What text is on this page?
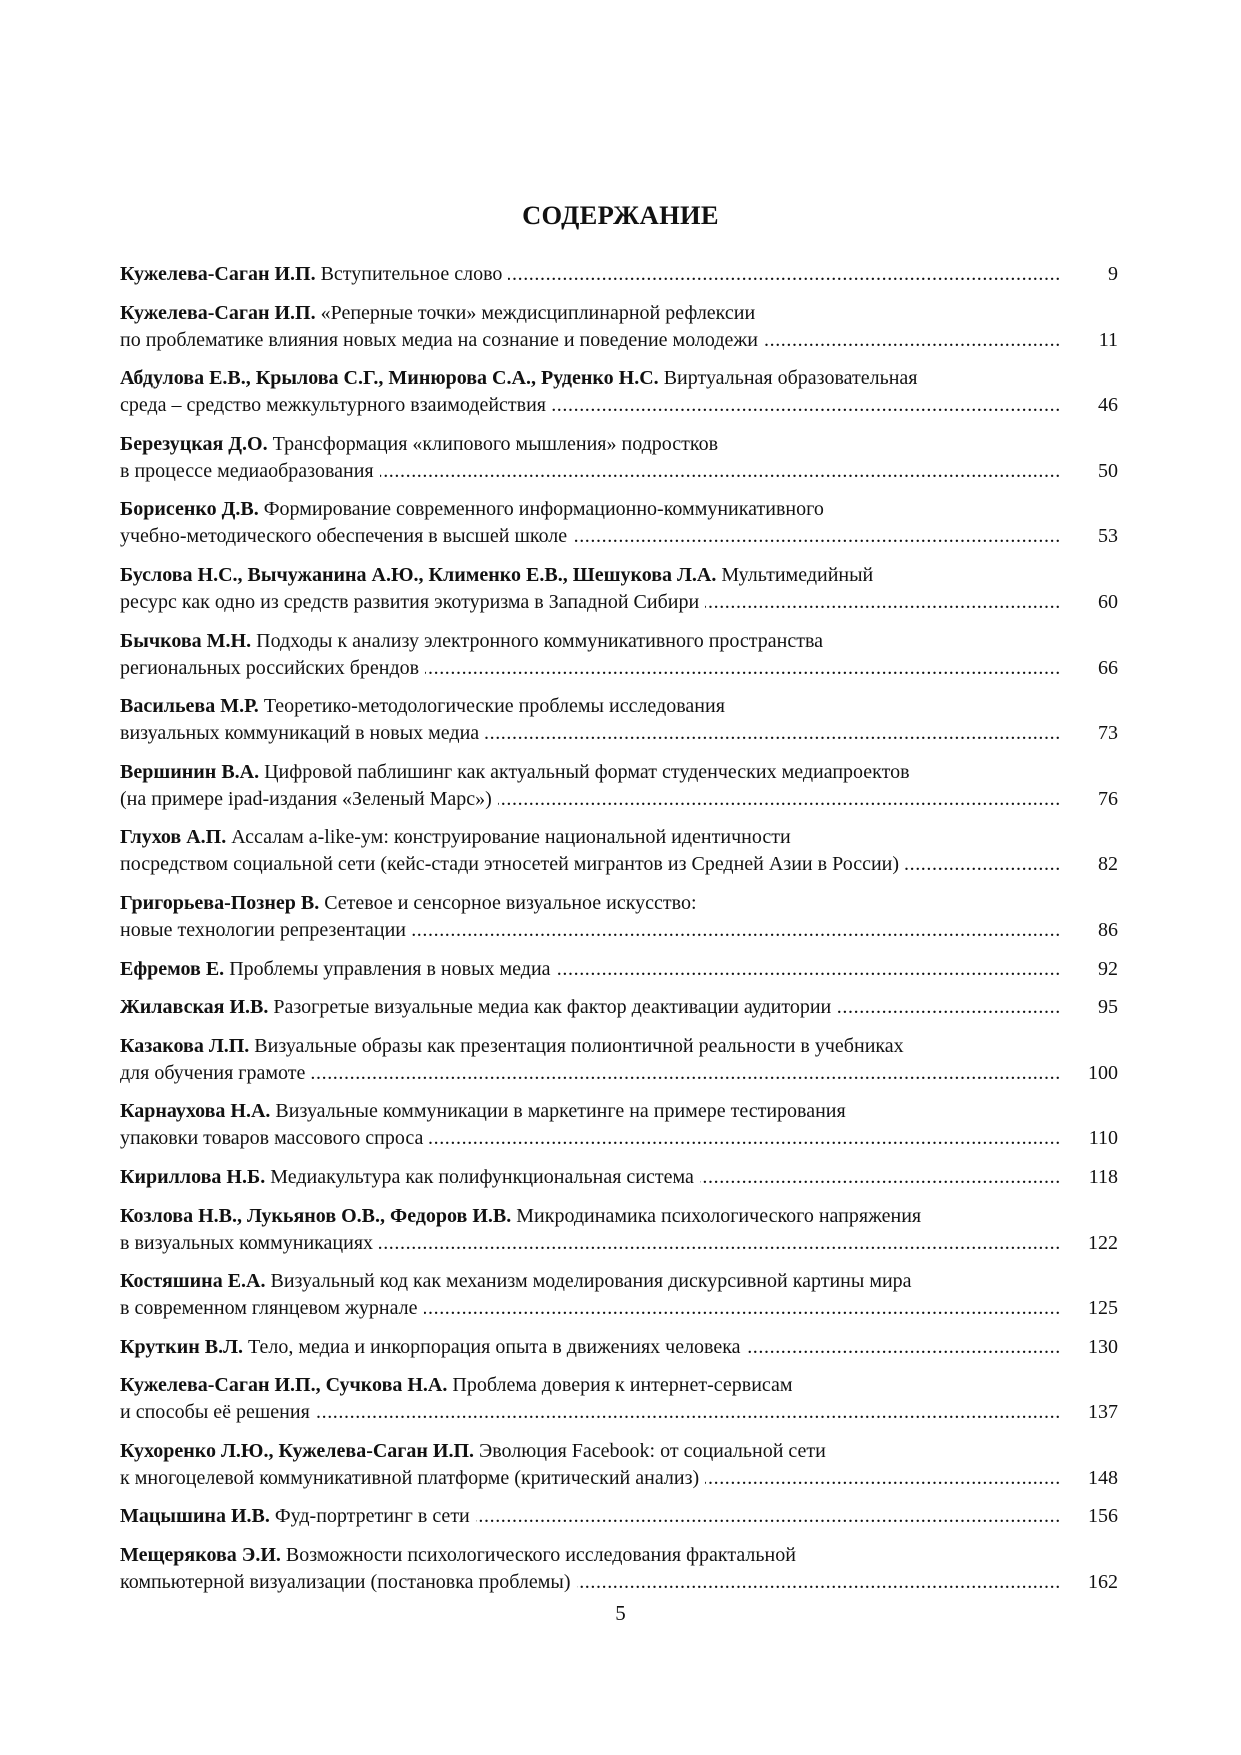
СОДЕРЖАНИЕ
.....
Кужелева-Саган И.П. Вступительное слово	9
Кужелева-Саган И.П. «Реперные точки» междисциплинарной рефлексии
.....
по проблематике влияния новых медиа на сознание и поведение молодежи	11
Абдулова Е.В., Крылова С.Г., Минюрова С.А., Руденко Н.С. Виртуальная образовательная
.....
среда – средство межкультурного взаимодействия	46
Березуцкая Д.О. Трансформация «клипового мышления» подростков
.....
в процессе медиаобразования	50
Борисенко Д.В. Формирование современного информационно-коммуникативного
.....
учебно-методического обеспечения в высшей школе	53
Буслова Н.С., Вычужанина А.Ю., Клименко Е.В., Шешукова Л.А. Мультимедийный
.....
ресурс как одно из средств развития экотуризма в Западной Сибири	60
Бычкова М.Н. Подходы к анализу электронного коммуникативного пространства
.....
региональных российских брендов	66
Васильева М.Р. Теоретико-методологические проблемы исследования
.....
визуальных коммуникаций в новых медиа	73
Вершинин В.А. Цифровой паблишинг как актуальный формат студенческих медиапроектов
.....
(на примере ipad-издания «Зеленый Марс»)	76
Глухов А.П. Ассалам a-like-ум: конструирование национальной идентичности
.....
посредством социальной сети (кейс-стади этносетей мигрантов из Средней Азии в России)	82
Григорьева-Познер В. Сетевое и сенсорное визуальное искусство:
.....
новые технологии репрезентации	86
.....
Ефремов Е. Проблемы управления в новых медиа	92
.....
Жилавская И.В. Разогретые визуальные медиа как фактор деактивации аудитории	95
Казакова Л.П. Визуальные образы как презентация полионтичной реальности в учебниках
.....
для обучения грамоте	100
Карнаухова Н.А. Визуальные коммуникации в маркетинге на примере тестирования
.....
упаковки товаров массового спроса	110
.....
Кириллова Н.Б. Медиакультура как полифункциональная система	118
Козлова Н.В., Лукьянов О.В., Федоров И.В. Микродинамика психологического напряжения
.....
в визуальных коммуникациях	122
Костяшина Е.А. Визуальный код как механизм моделирования дискурсивной картины мира
.....
в современном глянцевом журнале	125
.....
Круткин В.Л. Тело, медиа и инкорпорация опыта в движениях человека	130
Кужелева-Саган И.П., Сучкова Н.А. Проблема доверия к интернет-сервисам
.....
и способы её решения	137
Кухоренко Л.Ю., Кужелева-Саган И.П. Эволюция Facebook: от социальной сети
.....
к многоцелевой коммуникативной платформе (критический анализ)	148
.....
Мацышина И.В. Фуд-портретинг в сети	156
Мещерякова Э.И. Возможности психологического исследования фрактальной
.....
компьютерной визуализации (постановка проблемы)	162
5
